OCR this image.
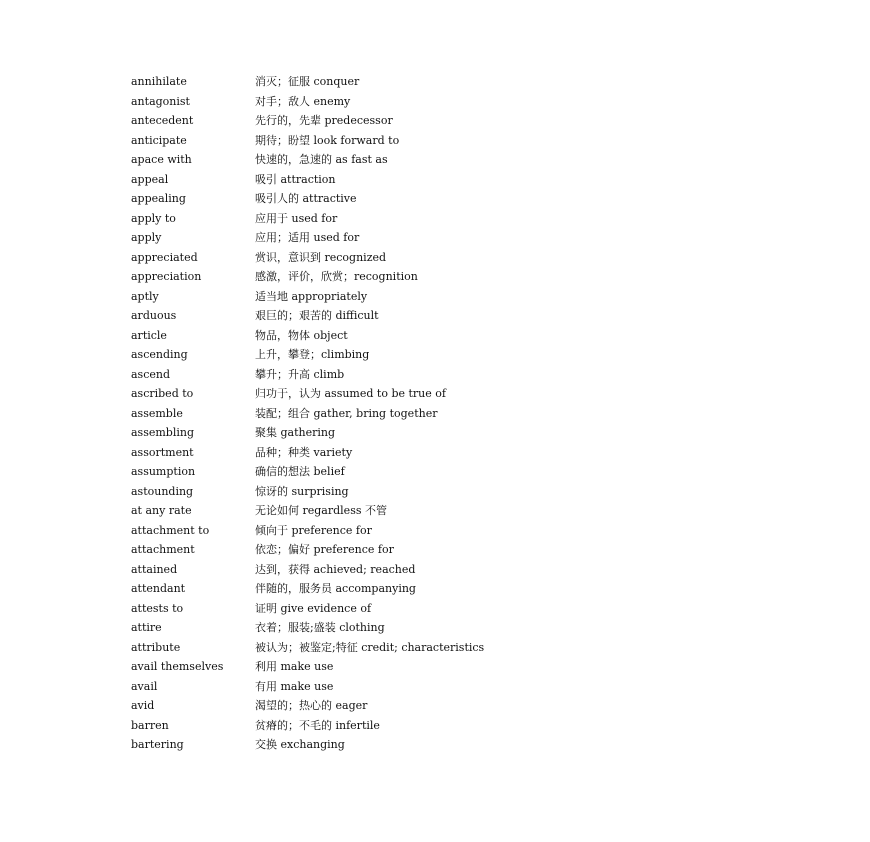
annihilate	消灭；征服 conquer
antagonist	对手；敌人 enemy
antecedent	先行的，先辈 predecessor
anticipate	期待；盼望 look forward to
apace with	快速的，急速的 as fast as
appeal	吸引 attraction
appealing	吸引人的 attractive
apply to	应用于 used for
apply	应用；适用 used for
appreciated	赏识，意识到 recognized
appreciation	感激，评价，欣赏；recognition
aptly	适当地 appropriately
arduous	艰巨的；艰苦的 difficult
article	物品，物体 object
ascending	上升，攀登；climbing
ascend	攀升；升高 climb
ascribed to	归功于，认为 assumed to be true of
assemble	装配；组合 gather, bring together
assembling	聚集 gathering
assortment	品种；种类 variety
assumption	确信的想法 belief
astounding	惊讶的 surprising
at any rate	无论如何 regardless 不管
attachment to	倾向于 preference for
attachment	依恋；偏好 preference for
attained	达到，获得 achieved; reached
attendant	伴随的，服务员 accompanying
attests to	证明 give evidence of
attire	衣着；服装;盛装 clothing
attribute	被认为；被鉴定;特征 credit; characteristics
avail themselves	利用 make use
avail	有用 make use
avid	渴望的；热心的 eager
barren	贫瘠的；不毛的 infertile
bartering	交换 exchanging
